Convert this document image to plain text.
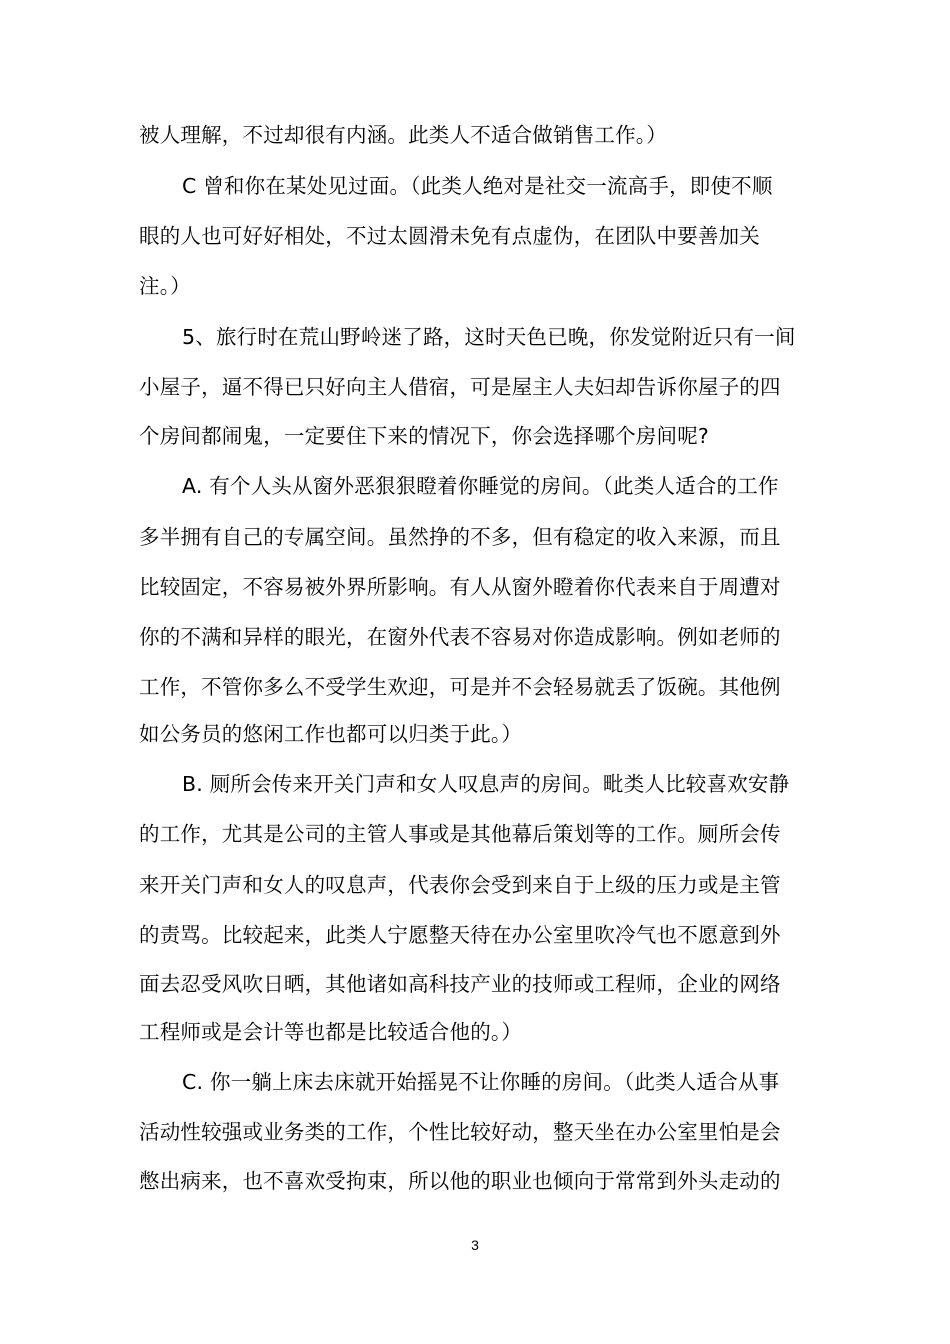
被人理解，不过却很有内涵。此类人不适合做销售工作。）
C 曾和你在某处见过面。（此类人绝对是社交一流高手，即使不顺
眼的人也可好好相处，不过太圆滑未免有点虚伪，在团队中要善加关
注。）
5、旅行时在荒山野岭迷了路，这时天色已晚，你发觉附近只有一间
小屋子，逼不得已只好向主人借宿，可是屋主人夫妇却告诉你屋子的四
个房间都闹鬼，一定要住下来的情况下，你会选择哪个房间呢?
A. 有个人头从窗外恶狠狠瞪着你睡觉的房间。（此类人适合的工作
多半拥有自己的专属空间。虽然挣的不多，但有稳定的收入来源，而且
比较固定，不容易被外界所影响。有人从窗外瞪着你代表来自于周遭对
你的不满和异样的眼光，在窗外代表不容易对你造成影响。例如老师的
工作，不管你多么不受学生欢迎，可是并不会轻易就丢了饭碗。其他例
如公务员的悠闲工作也都可以归类于此。）
B. 厕所会传来开关门声和女人叹息声的房间。毗类人比较喜欢安静
的工作，尤其是公司的主管人事或是其他幕后策划等的工作。厕所会传
来开关门声和女人的叹息声，代表你会受到来自于上级的压力或是主管
的责骂。比较起来，此类人宁愿整天待在办公室里吹冷气也不愿意到外
面去忍受风吹日晒，其他诸如高科技产业的技师或工程师，企业的网络
工程师或是会计等也都是比较适合他的。）
C. 你一躺上床去床就开始摇晃不让你睡的房间。（此类人适合从事
活动性较强或业务类的工作，个性比较好动，整天坐在办公室里怕是会
憋出病来，也不喜欢受拘束，所以他的职业也倾向于常常到外头走动的
3
